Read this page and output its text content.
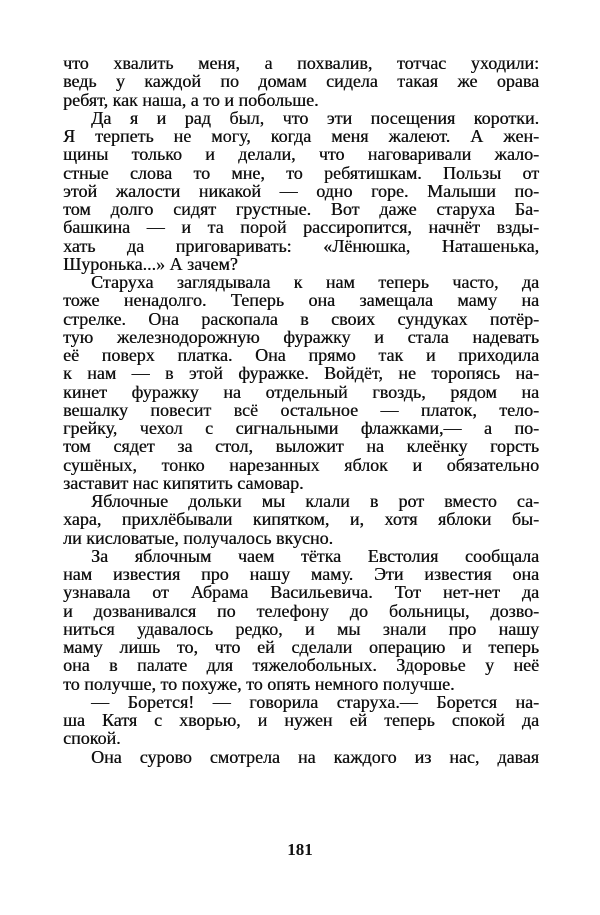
что хвалить меня, а похвалив, тотчас уходили:
ведь у каждой по домам сидела такая же орава
ребят, как наша, а то и побольше.
Да я и рад был, что эти посещения коротки.
Я терпеть не могу, когда меня жалеют. А жен-
щины только и делали, что наговаривали жало-
стные слова то мне, то ребятишкам. Пользы от
этой жалости никакой — одно горе. Малыши по-
том долго сидят грустные. Вот даже старуха Ба-
башкина — и та порой рассиропится, начнёт взды-
хать да приговаривать: «Лёнюшка, Наташенька,
Шуронька...» А зачем?
Старуха заглядывала к нам теперь часто, да
тоже ненадолго. Теперь она замещала маму на
стрелке. Она раскопала в своих сундуках потёр-
тую железнодорожную фуражку и стала надевать
её поверх платка. Она прямо так и приходила
к нам — в этой фуражке. Войдёт, не торопясь на-
кинет фуражку на отдельный гвоздь, рядом на
вешалку повесит всё остальное — платок, тело-
грейку, чехол с сигнальными флажками,— а по-
том сядет за стол, выложит на клеёнку горсть
сушёных, тонко нарезанных яблок и обязательно
заставит нас кипятить самовар.
Яблочные дольки мы клали в рот вместо са-
хара, прихлёбывали кипятком, и, хотя яблоки бы-
ли кисловатые, получалось вкусно.
За яблочным чаем тётка Евстолия сообщала
нам известия про нашу маму. Эти известия она
узнавала от Абрама Васильевича. Тот нет-нет да
и дозванивался по телефону до больницы, дозво-
ниться удавалось редко, и мы знали про нашу
маму лишь то, что ей сделали операцию и теперь
она в палате для тяжелобольных. Здоровье у неё
то получше, то похуже, то опять немного получше.
— Борется! — говорила старуха.— Борется на-
ша Катя с хворью, и нужен ей теперь спокой да
спокой.
Она сурово смотрела на каждого из нас, давая
181
